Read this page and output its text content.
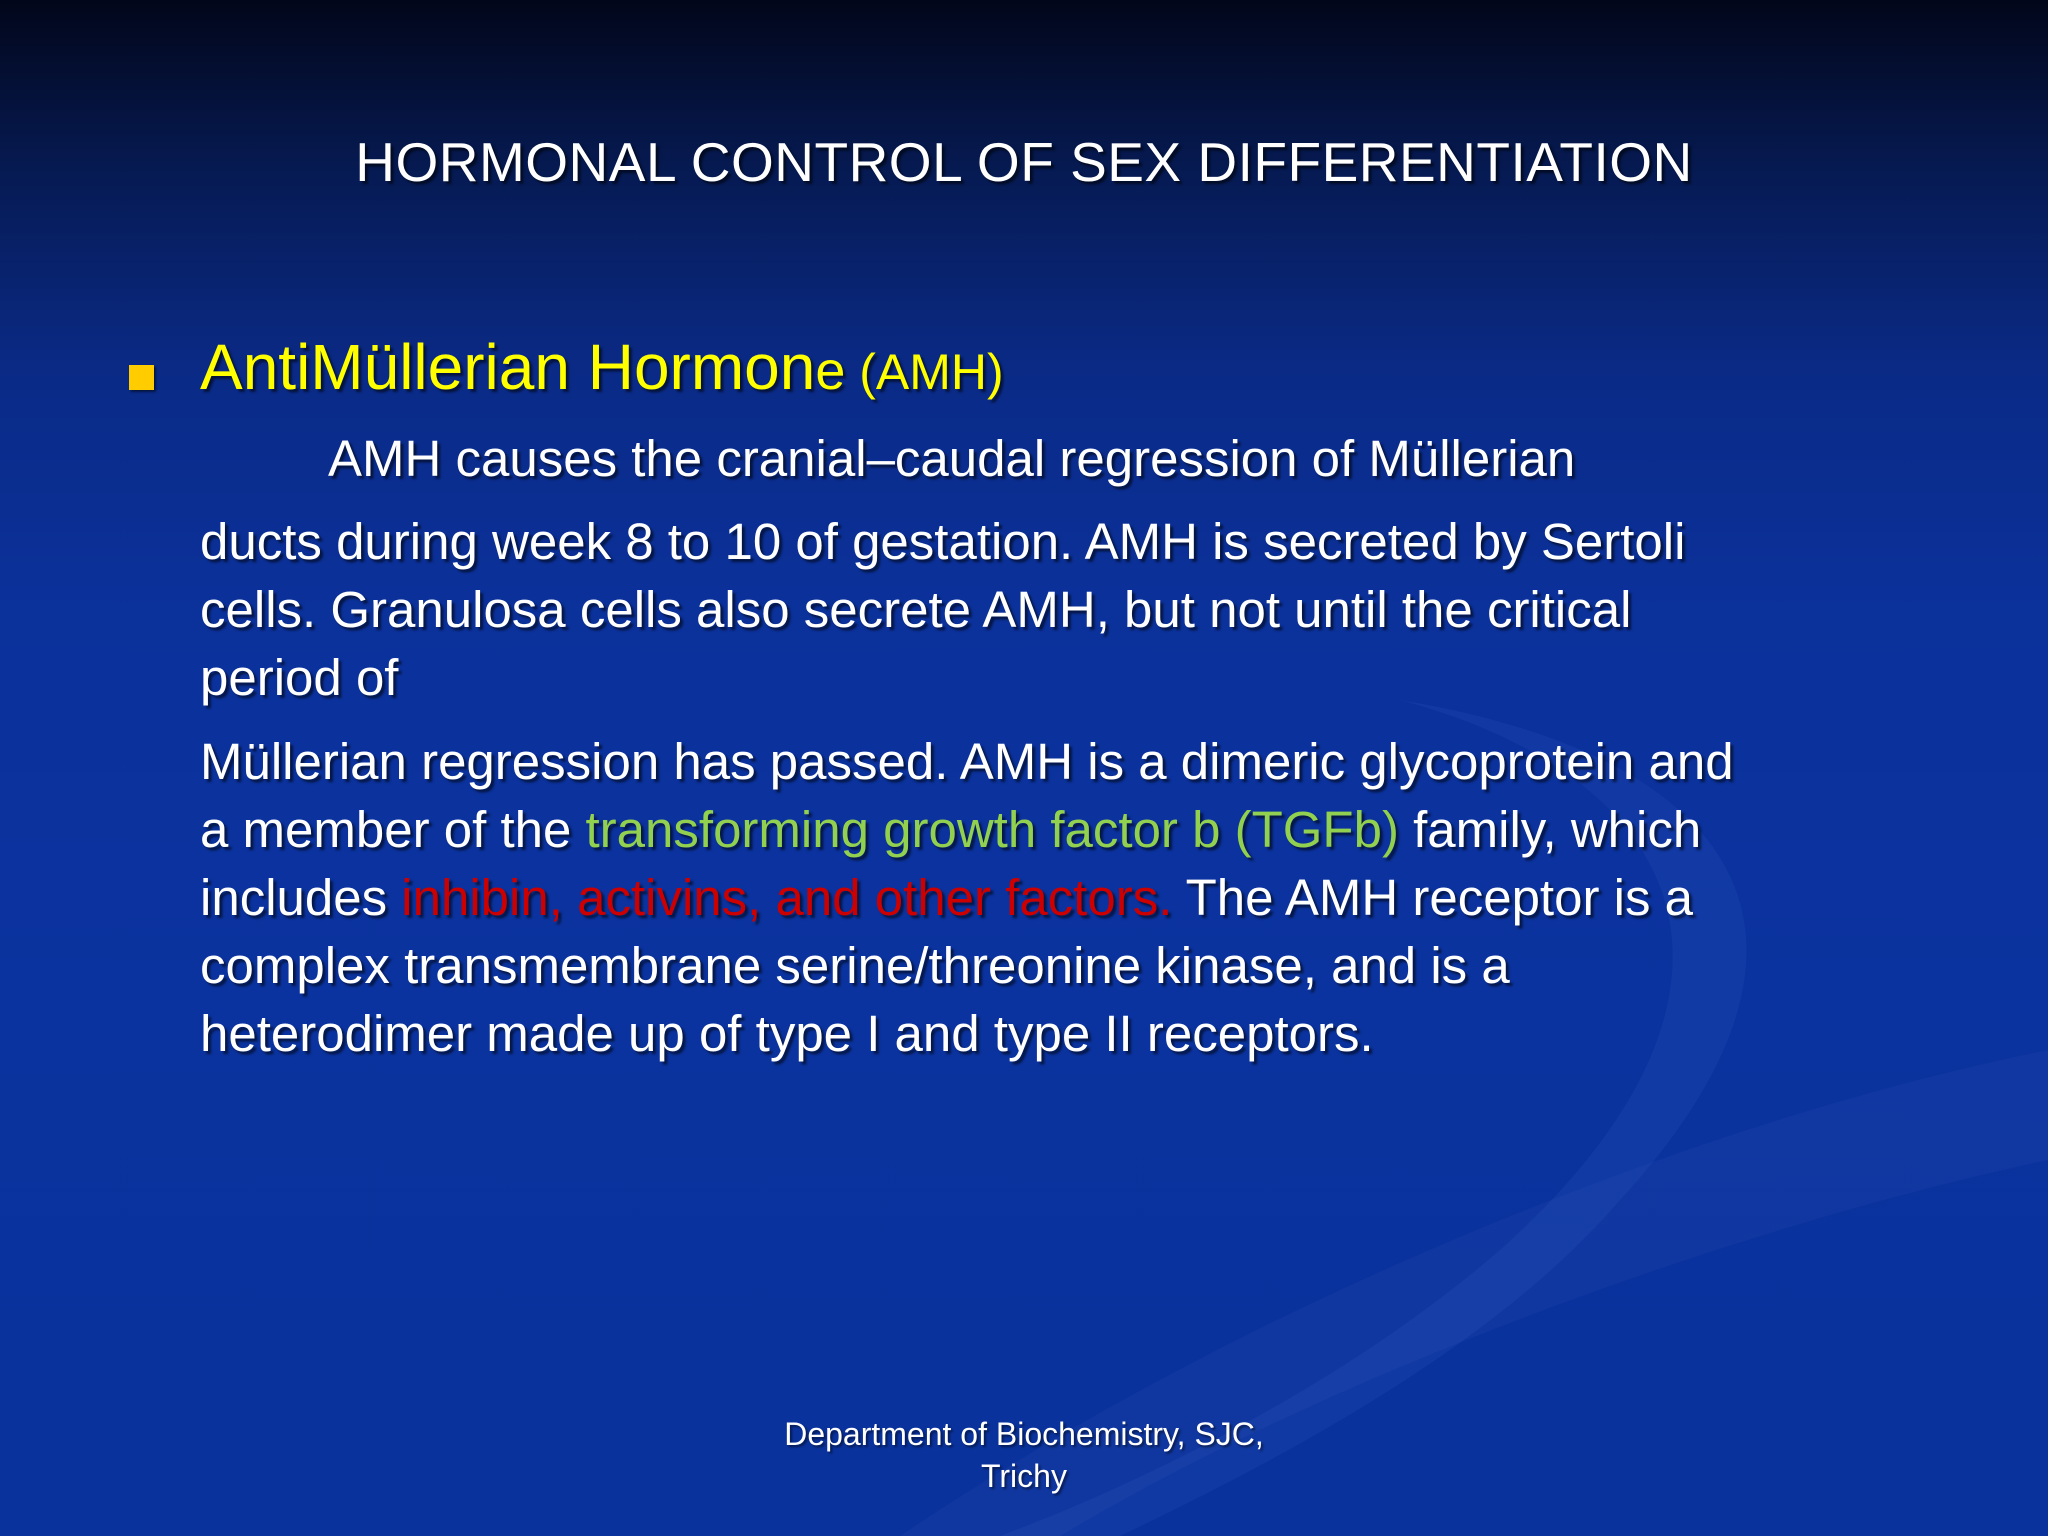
HORMONAL CONTROL OF SEX DIFFERENTIATION
AntiMüllerian Hormone (AMH)
AMH causes the cranial–caudal regression of Müllerian
ducts during week 8 to 10 of gestation. AMH is secreted by Sertoli
cells. Granulosa cells also secrete AMH, but not until the critical
period of
Müllerian regression has passed. AMH is a dimeric glycoprotein and
a member of the transforming growth factor b (TGFb) family, which
includes inhibin, activins, and other factors. The AMH receptor is a
complex transmembrane serine/threonine kinase, and is a
heterodimer made up of type I and type II receptors.
Department of Biochemistry, SJC,
Trichy
